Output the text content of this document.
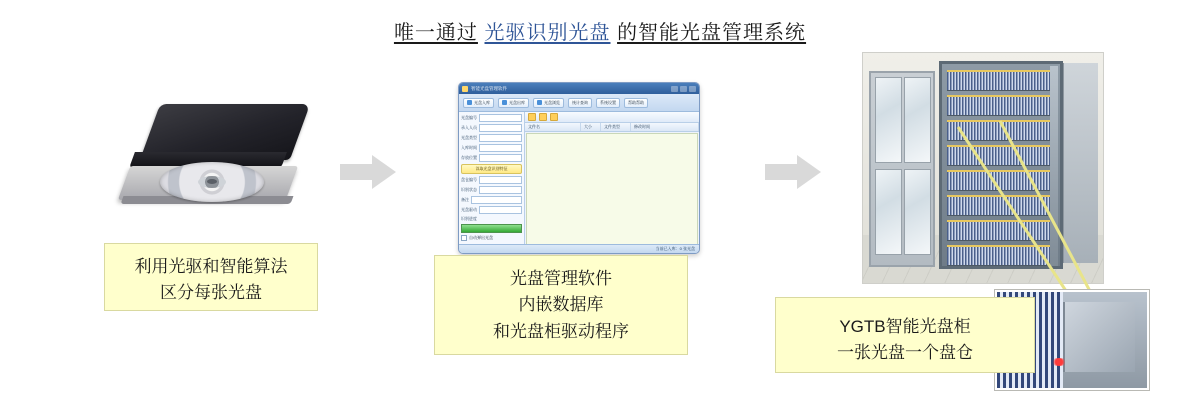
唯一通过 光驱识别光盘 的智能光盘管理系统
利用光驱和智能算法
区分每张光盘
智能光盘管理软件
光盘入库	光盘出库	光盘浏览	统计查询	系统设置	帮助帮助
光盘编号
录入人员
光盘类型
入库时间
存放位置
读取光盘识别特征
盘仓编号
识别状态
备注
光盘驱动
识别进度
自动弹出光盘
文件名	大小	文件类型	修改时间
当前已入库：0 张光盘
光盘管理软件
内嵌数据库
和光盘柜驱动程序	YGTB智能光盘柜
一张光盘一个盘仓
